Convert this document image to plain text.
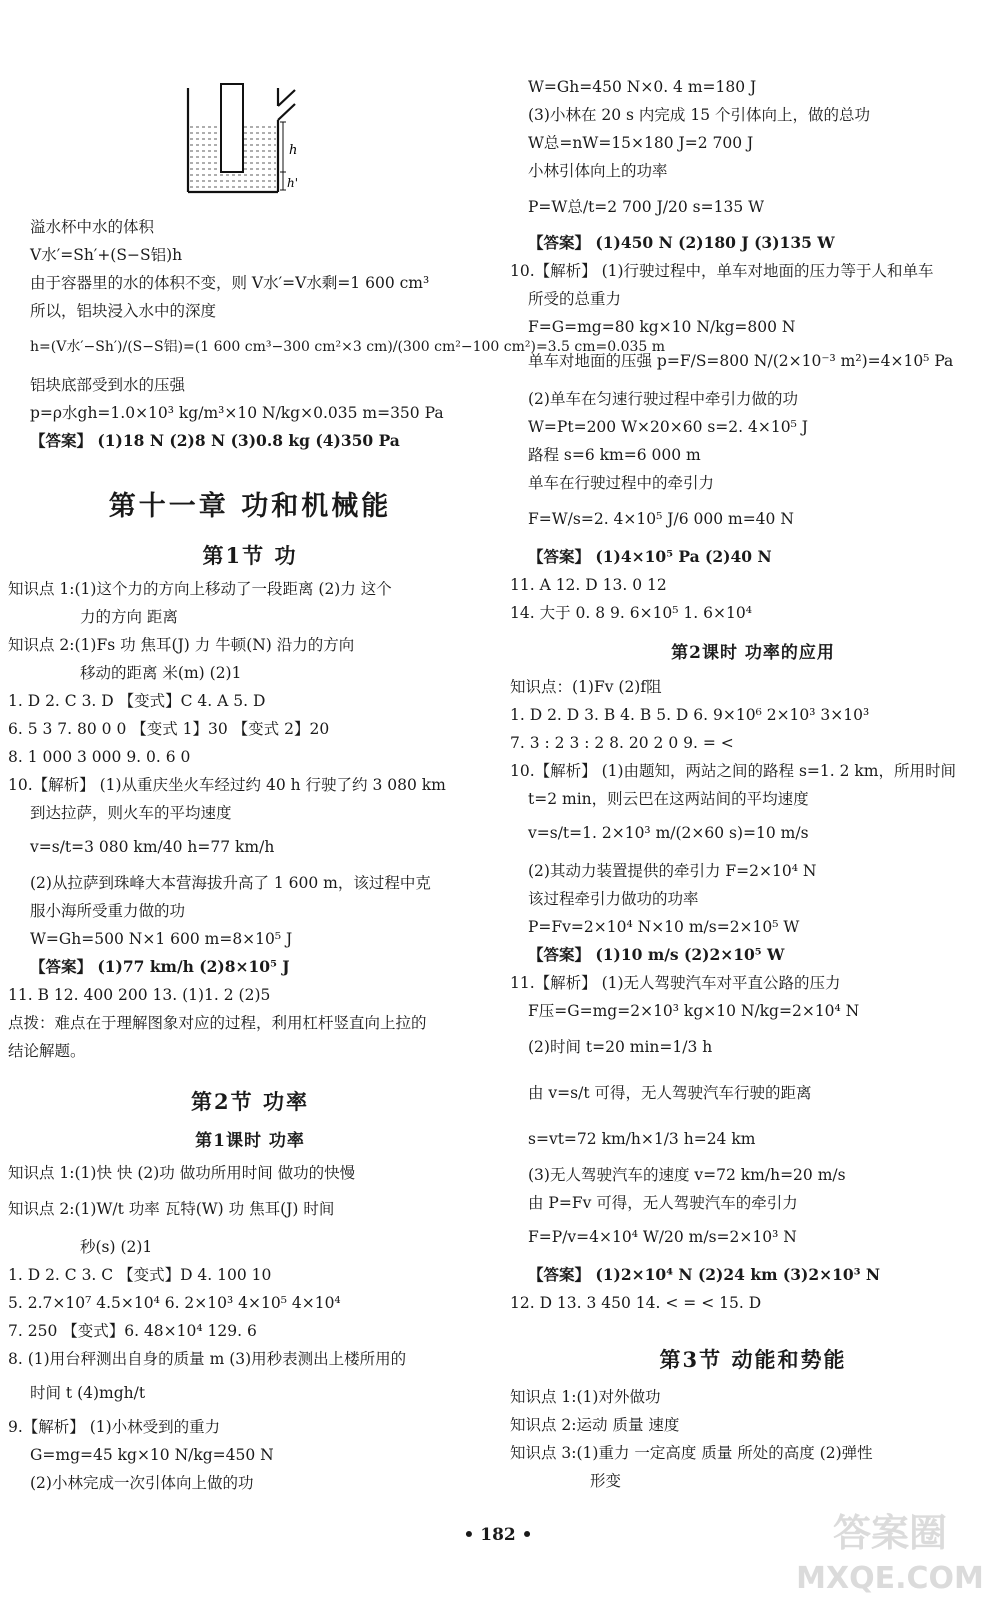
h
h'
溢水杯中水的体积
V水′=Sh′+(S−S铝)h
由于容器里的水的体积不变，则 V水′=V水剩=1 600 cm³
所以，铝块浸入水中的深度
h=(V水′−Sh′)/(S−S铝)=(1 600 cm³−300 cm²×3 cm)/(300 cm²−100 cm²)=3.5 cm=0.035 m
铝块底部受到水的压强
p=ρ水gh=1.0×10³ kg/m³×10 N/kg×0.035 m=350 Pa
【答案】 (1)18 N (2)8 N (3)0.8 kg (4)350 Pa
第十一章 功和机械能
第1节 功
知识点 1:(1)这个力的方向上移动了一段距离 (2)力 这个
力的方向 距离
知识点 2:(1)Fs 功 焦耳(J) 力 牛顿(N) 沿力的方向
移动的距离 米(m) (2)1
1. D 2. C 3. D 【变式】C 4. A 5. D
6. 5 3 7. 80 0 0 【变式 1】30 【变式 2】20
8. 1 000 3 000 9. 0. 6 0
10.【解析】 (1)从重庆坐火车经过约 40 h 行驶了约 3 080 km
到达拉萨，则火车的平均速度
v=s/t=3 080 km/40 h=77 km/h
(2)从拉萨到珠峰大本营海拔升高了 1 600 m，该过程中克
服小海所受重力做的功
W=Gh=500 N×1 600 m=8×10⁵ J
【答案】 (1)77 km/h (2)8×10⁵ J
11. B 12. 400 200 13. (1)1. 2 (2)5
点拨：难点在于理解图象对应的过程，利用杠杆竖直向上拉的
结论解题。
第2节 功率
第1课时 功率
知识点 1:(1)快 快 (2)功 做功所用时间 做功的快慢
知识点 2:(1)W/t 功率 瓦特(W) 功 焦耳(J) 时间
秒(s) (2)1
1. D 2. C 3. C 【变式】D 4. 100 10
5. 2.7×10⁷ 4.5×10⁴ 6. 2×10³ 4×10⁵ 4×10⁴
7. 250 【变式】6. 48×10⁴ 129. 6
8. (1)用台秤测出自身的质量 m (3)用秒表测出上楼所用的
时间 t (4)mgh/t
9.【解析】 (1)小林受到的重力
G=mg=45 kg×10 N/kg=450 N
(2)小林完成一次引体向上做的功
W=Gh=450 N×0. 4 m=180 J
(3)小林在 20 s 内完成 15 个引体向上，做的总功
W总=nW=15×180 J=2 700 J
小林引体向上的功率
P=W总/t=2 700 J/20 s=135 W
【答案】 (1)450 N (2)180 J (3)135 W
10.【解析】 (1)行驶过程中，单车对地面的压力等于人和单车
所受的总重力
F=G=mg=80 kg×10 N/kg=800 N
单车对地面的压强 p=F/S=800 N/(2×10⁻³ m²)=4×10⁵ Pa
(2)单车在匀速行驶过程中牵引力做的功
W=Pt=200 W×20×60 s=2. 4×10⁵ J
路程 s=6 km=6 000 m
单车在行驶过程中的牵引力
F=W/s=2. 4×10⁵ J/6 000 m=40 N
【答案】 (1)4×10⁵ Pa (2)40 N
11. A 12. D 13. 0 12
14. 大于 0. 8 9. 6×10⁵ 1. 6×10⁴
第2课时 功率的应用
知识点：(1)Fv (2)f阻
1. D 2. D 3. B 4. B 5. D 6. 9×10⁶ 2×10³ 3×10³
7. 3 : 2 3 : 2 8. 20 2 0 9. = <
10.【解析】 (1)由题知，两站之间的路程 s=1. 2 km，所用时间
t=2 min，则云巴在这两站间的平均速度
v=s/t=1. 2×10³ m/(2×60 s)=10 m/s
(2)其动力装置提供的牵引力 F=2×10⁴ N
该过程牵引力做功的功率
P=Fv=2×10⁴ N×10 m/s=2×10⁵ W
【答案】 (1)10 m/s (2)2×10⁵ W
11.【解析】 (1)无人驾驶汽车对平直公路的压力
F压=G=mg=2×10³ kg×10 N/kg=2×10⁴ N
(2)时间 t=20 min=1/3 h
由 v=s/t 可得，无人驾驶汽车行驶的距离
s=vt=72 km/h×1/3 h=24 km
(3)无人驾驶汽车的速度 v=72 km/h=20 m/s
由 P=Fv 可得，无人驾驶汽车的牵引力
F=P/v=4×10⁴ W/20 m/s=2×10³ N
【答案】 (1)2×10⁴ N (2)24 km (3)2×10³ N
12. D 13. 3 450 14. < = < 15. D
第3节 动能和势能
知识点 1:(1)对外做功
知识点 2:运动 质量 速度
知识点 3:(1)重力 一定高度 质量 所处的高度 (2)弹性
形变
• 182 •	答案圈
MXQE.COM
